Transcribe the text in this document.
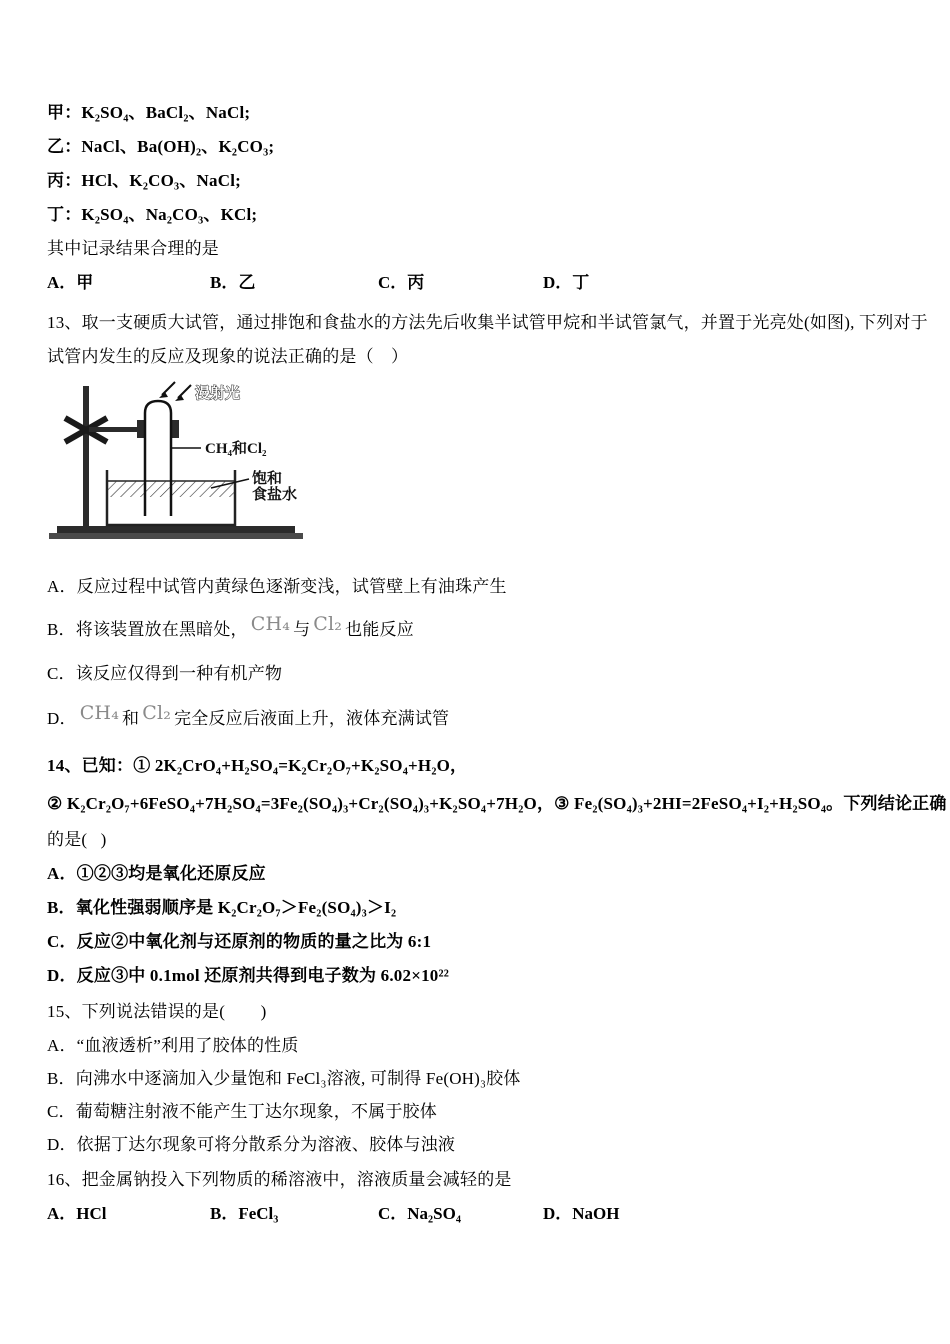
甲：K₂SO₄、BaCl₂、NaCl;
乙：NaCl、Ba(OH)₂、K₂CO₃;
丙：HCl、K₂CO₃、NaCl;
丁：K₂SO₄、Na₂CO₃、KCl;
其中记录结果合理的是
A．甲	B．乙	C．丙	D．丁
13、取一支硬质大试管，通过排饱和食盐水的方法先后收集半试管甲烷和半试管氯气，并置于光亮处(如图), 下列对于
试管内发生的反应及现象的说法正确的是（　）
漫射光
CH₄和Cl₂
饱和
食盐水
A．反应过程中试管内黄绿色逐渐变浅，试管壁上有油珠产生
B．将该装置放在黑暗处， CH₄ 与 Cl₂ 也能反应
C．该反应仅得到一种有机产物
D． CH₄ 和 Cl₂ 完全反应后液面上升，液体充满试管
14、已知：① 2K₂CrO₄+H₂SO₄=K₂Cr₂O₇+K₂SO₄+H₂O，
② K₂Cr₂O₇+6FeSO₄+7H₂SO₄=3Fe₂(SO₄)₃+Cr₂(SO₄)₃+K₂SO₄+7H₂O，③ Fe₂(SO₄)₃+2HI=2FeSO₄+I₂+H₂SO₄。下列结论正确
的是(   )
A．①②③均是氧化还原反应
B．氧化性强弱顺序是 K₂Cr₂O₇＞Fe₂(SO₄)₃＞I₂
C．反应②中氧化剂与还原剂的物质的量之比为 6:1
D．反应③中 0.1mol 还原剂共得到电子数为 6.02×10²²
15、下列说法错误的是(        )
A．“血液透析”利用了胶体的性质
B．向沸水中逐滴加入少量饱和 FeCl₃溶液, 可制得 Fe(OH)₃胶体
C．葡萄糖注射液不能产生丁达尔现象，不属于胶体
D．依据丁达尔现象可将分散系分为溶液、胶体与浊液
16、把金属钠投入下列物质的稀溶液中，溶液质量会减轻的是
A．HCl	B．FeCl₃	C．Na₂SO₄	D．NaOH
